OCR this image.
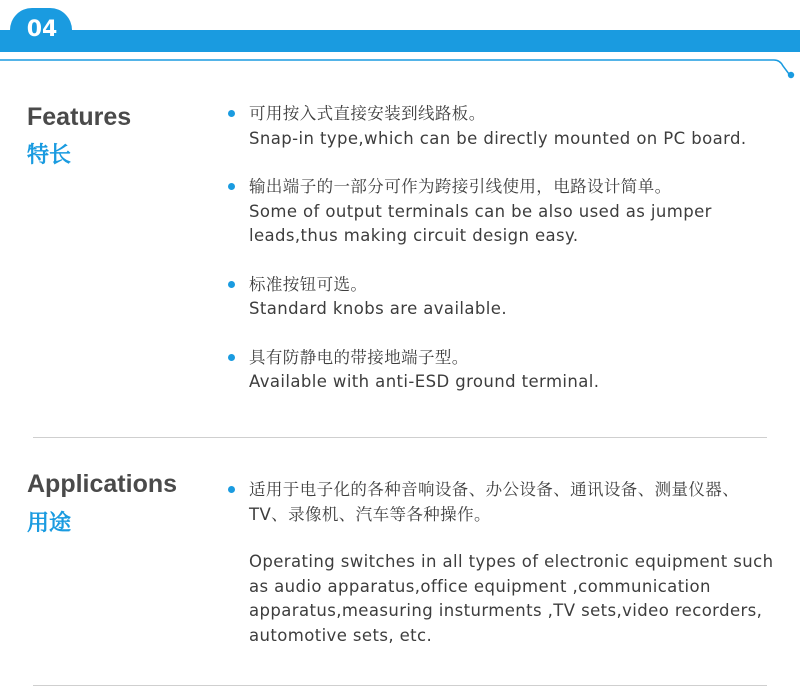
04
Features
特长
可用按入式直接安装到线路板。
Snap-in type,which can be directly mounted on PC board.
输出端子的一部分可作为跨接引线使用，电路设计简单。
Some of output terminals can be also used as jumper
leads,thus making circuit design easy.
标准按钮可选。
Standard knobs are available.
具有防静电的带接地端子型。
Available with anti-ESD ground terminal.
Applications
用途
适用于电子化的各种音响设备、办公设备、通讯设备、测量仪器、
TV、录像机、汽车等各种操作。
Operating switches in all types of electronic equipment such
as audio apparatus,office equipment ,communication
apparatus,measuring insturments ,TV sets,video recorders,
automotive sets, etc.
